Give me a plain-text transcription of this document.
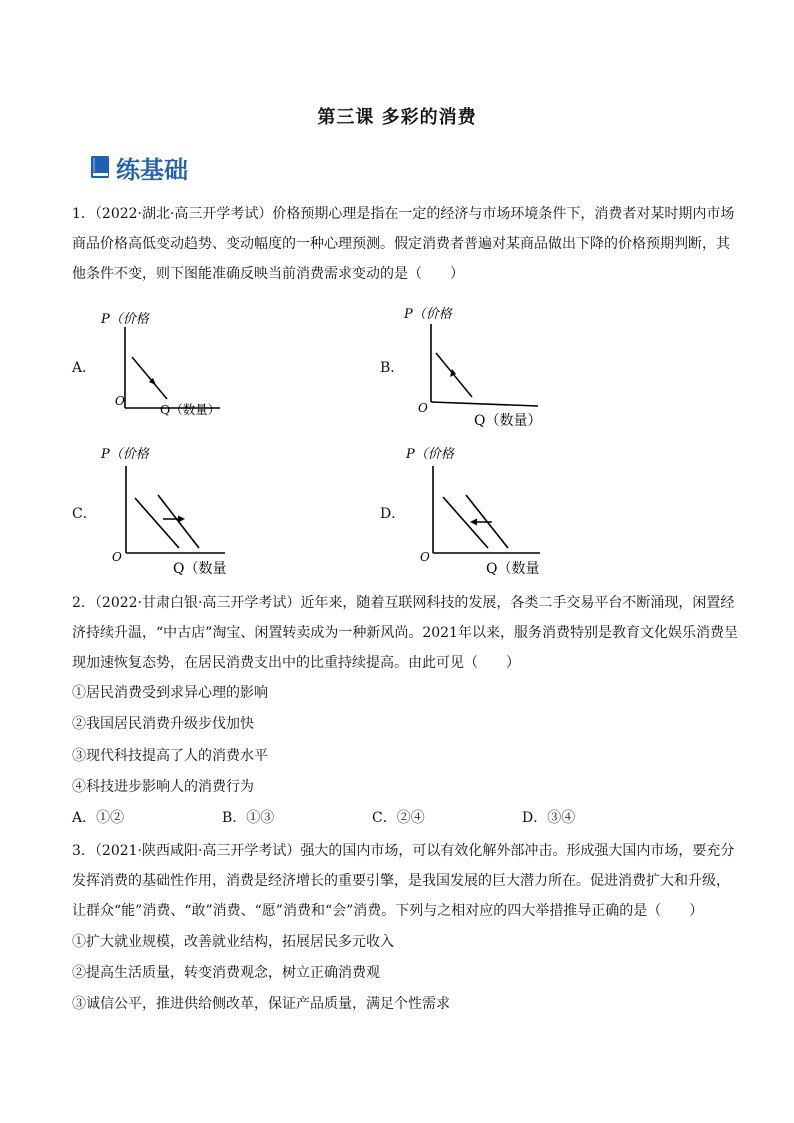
第三课 多彩的消费
练基础
1．（2022·湖北·高三开学考试）价格预期心理是指在一定的经济与市场环境条件下，消费者对某时期内市场商品价格高低变动趋势、变动幅度的一种心理预测。假定消费者普遍对某商品做出下降的价格预期判断，其他条件不变，则下图能准确反映当前消费需求变动的是（　　）
A．
P（价格
O
Q（数量）
B．
P（价格
O
Q（数量）
C．
P（价格
O
Q（数量
D．
P（价格
O
Q（数量
2．（2022·甘肃白银·高三开学考试）近年来，随着互联网科技的发展，各类二手交易平台不断涌现，闲置经济持续升温，“中古店”淘宝、闲置转卖成为一种新风尚。2021年以来，服务消费特别是教育文化娱乐消费呈现加速恢复态势，在居民消费支出中的比重持续提高。由此可见（　　）
①居民消费受到求异心理的影响
②我国居民消费升级步伐加快
③现代科技提高了人的消费水平
④科技进步影响人的消费行为
A．①②	B．①③	C．②④	D．③④
3．（2021·陕西咸阳·高三开学考试）强大的国内市场，可以有效化解外部冲击。形成强大国内市场，要充分发挥消费的基础性作用，消费是经济增长的重要引擎，是我国发展的巨大潜力所在。促进消费扩大和升级，让群众“能”消费、“敢”消费、“愿”消费和“会”消费。下列与之相对应的四大举措推导正确的是（　　）
①扩大就业规模，改善就业结构，拓展居民多元收入
②提高生活质量，转变消费观念，树立正确消费观
③诚信公平，推进供给侧改革，保证产品质量，满足个性需求
